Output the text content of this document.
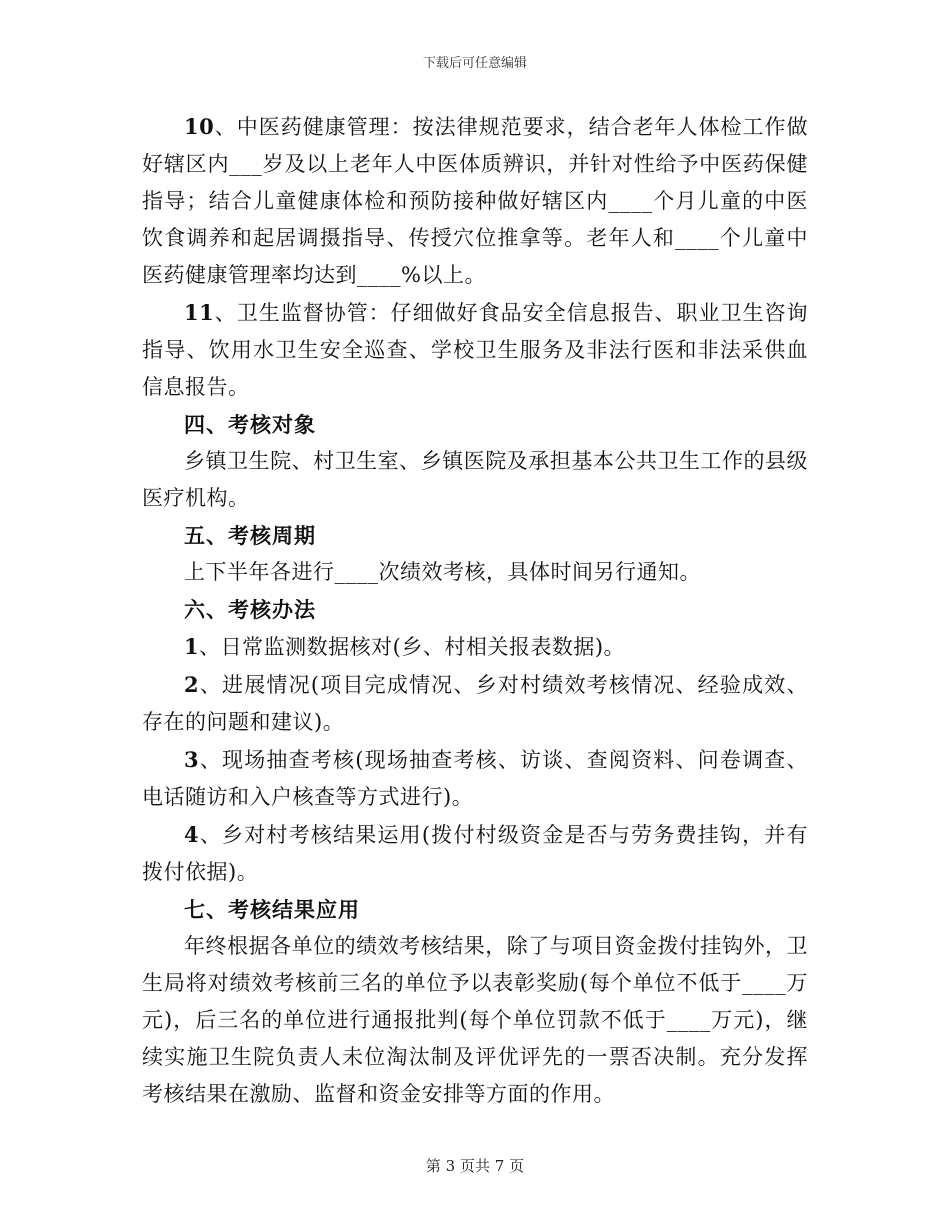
下载后可任意编辑

10、中医药健康管理：按法律规范要求，结合老年人体检工作做好辖区内___岁及以上老年人中医体质辨识，并针对性给予中医药保健指导；结合儿童健康体检和预防接种做好辖区内____个月儿童的中医饮食调养和起居调摄指导、传授穴位推拿等。老年人和____个儿童中医药健康管理率均达到____%以上。

11、卫生监督协管：仔细做好食品安全信息报告、职业卫生咨询指导、饮用水卫生安全巡查、学校卫生服务及非法行医和非法采供血信息报告。

四、考核对象

乡镇卫生院、村卫生室、乡镇医院及承担基本公共卫生工作的县级医疗机构。

五、考核周期

上下半年各进行____次绩效考核，具体时间另行通知。

六、考核办法

1、日常监测数据核对(乡、村相关报表数据)。

2、进展情况(项目完成情况、乡对村绩效考核情况、经验成效、存在的问题和建议)。

3、现场抽查考核(现场抽查考核、访谈、查阅资料、问卷调查、电话随访和入户核查等方式进行)。

4、乡对村考核结果运用(拨付村级资金是否与劳务费挂钩，并有拨付依据)。

七、考核结果应用

年终根据各单位的绩效考核结果，除了与项目资金拨付挂钩外，卫生局将对绩效考核前三名的单位予以表彰奖励(每个单位不低于____万元)，后三名的单位进行通报批判(每个单位罚款不低于____万元)，继续实施卫生院负责人未位淘汰制及评优评先的一票否决制。充分发挥考核结果在激励、监督和资金安排等方面的作用。

第 3 页共 7 页
